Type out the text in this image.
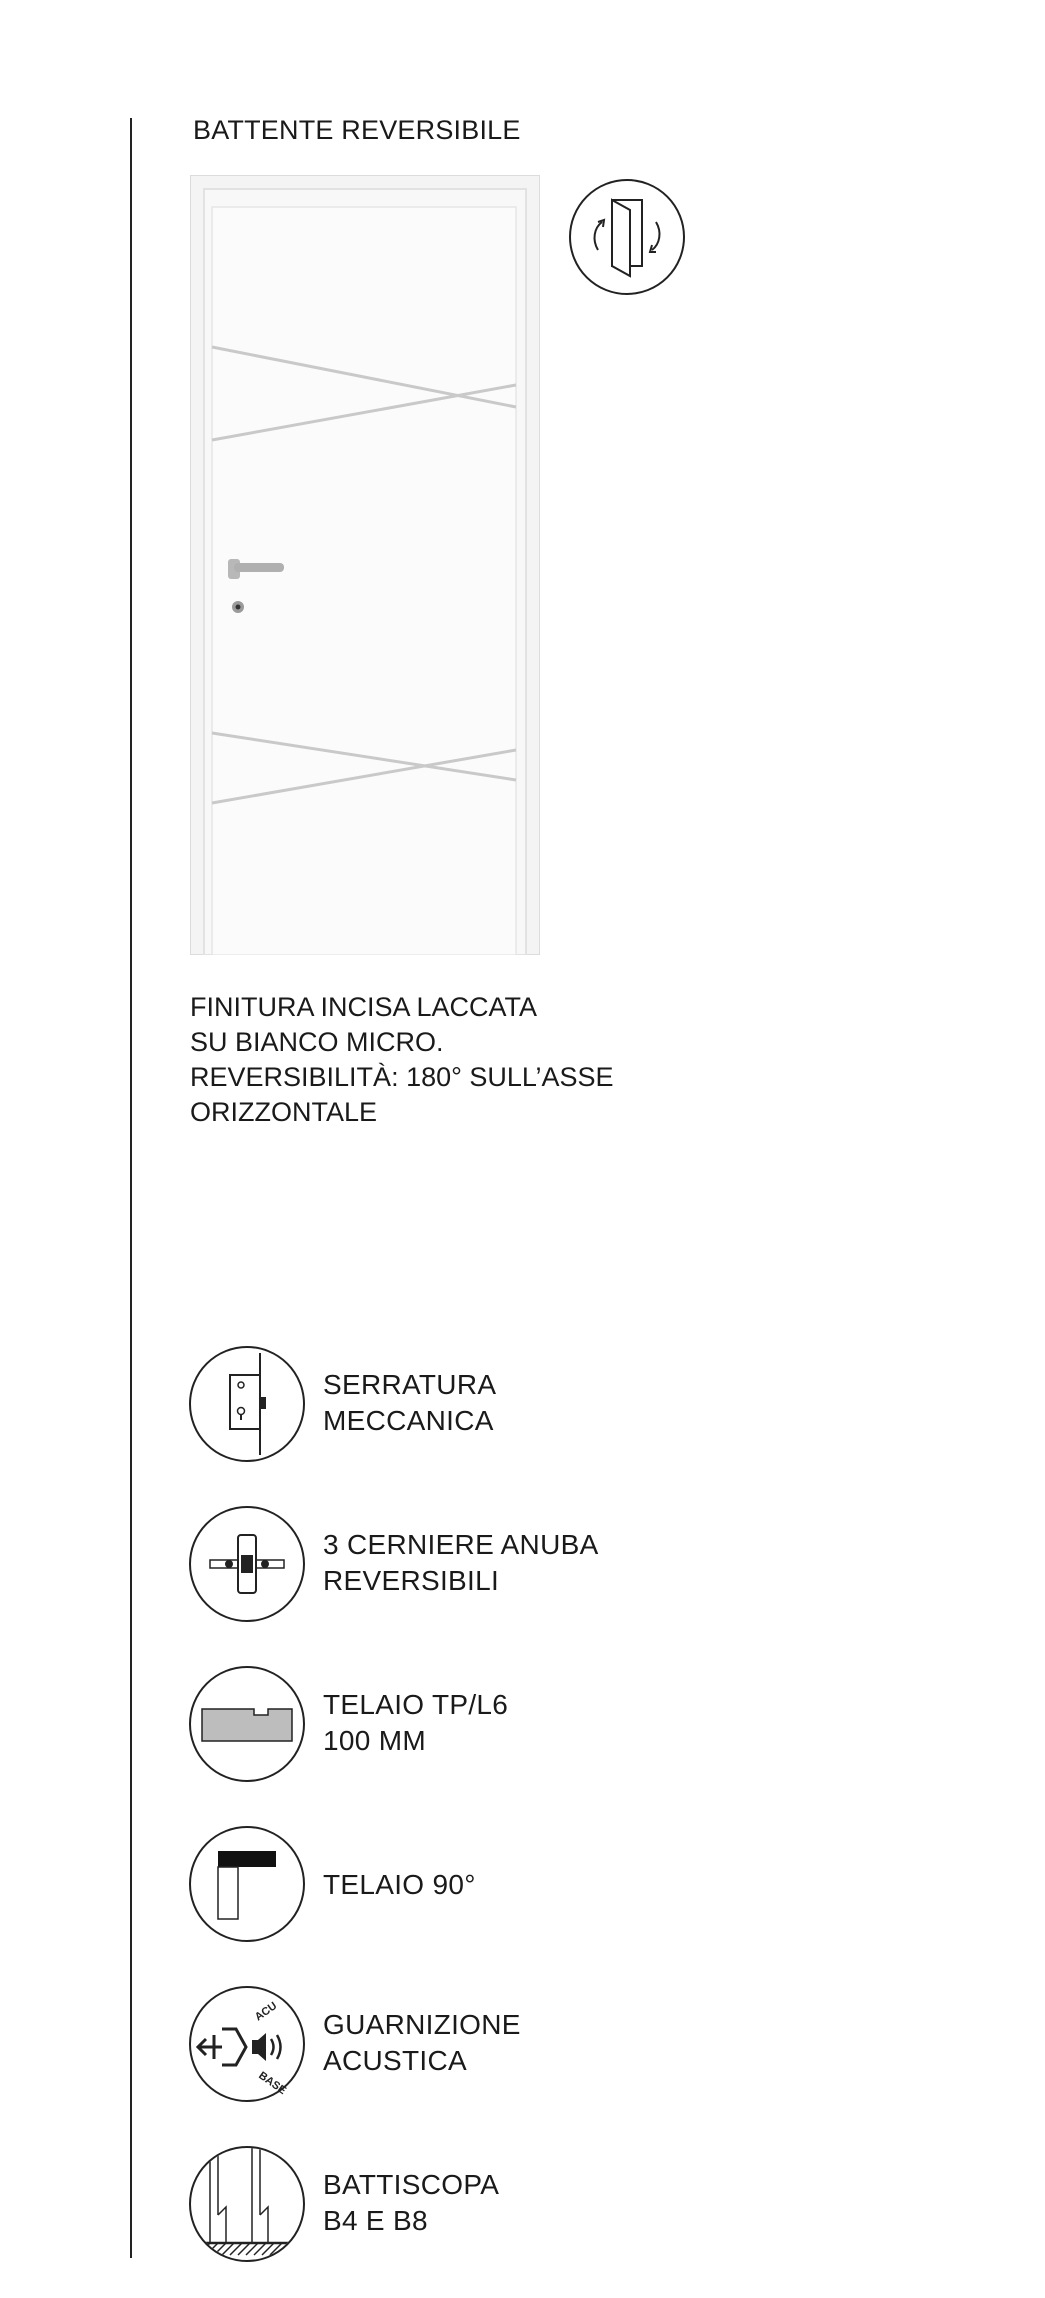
BATTENTE REVERSIBILE
FINITURA INCISA LACCATA
SU BIANCO MICRO.
REVERSIBILITÀ: 180° SULL’ASSE
ORIZZONTALE
SERRATURA
MECCANICA
3 CERNIERE ANUBA
REVERSIBILI
TELAIO TP/L6
100 MM
TELAIO 90°
ACU
BASE
GUARNIZIONE
ACUSTICA
BATTISCOPA
B4 E B8
